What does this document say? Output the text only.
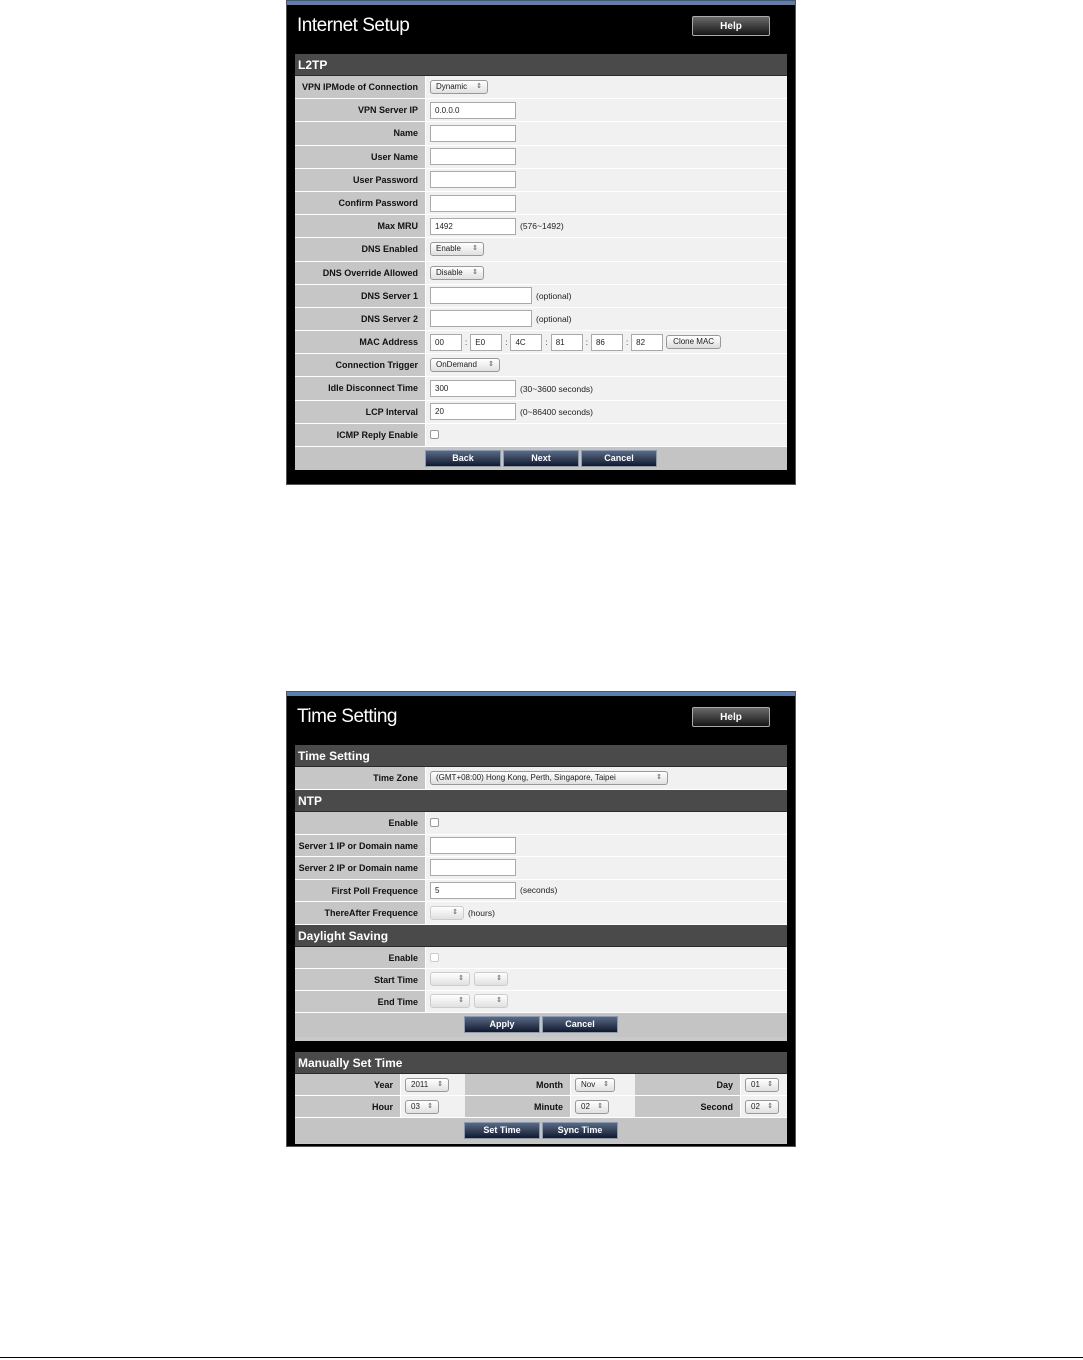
Internet Setup	Help
L2TP
VPN IPMode of Connection	Dynamic ⇕
VPN Server IP	0.0.0.0
Name
User Name
User Password
Confirm Password
Max MRU	1492	(576~1492)
DNS Enabled	Enable ⇕
DNS Override Allowed	Disable ⇕
DNS Server 1	(optional)
DNS Server 2	(optional)
MAC Address	00	:	E0	:	4C	:	81	:	86	:	82	Clone MAC
Connection Trigger	OnDemand ⇕
Idle Disconnect Time	300	(30~3600 seconds)
LCP Interval	20	(0~86400 seconds)
ICMP Reply Enable
Back	Next	Cancel
Time Setting	Help
Time Setting
Time Zone	(GMT+08:00) Hong Kong, Perth, Singapore, Taipei	⇕
NTP
Enable
Server 1 IP or Domain name
Server 2 IP or Domain name
First Poll Frequence	5	(seconds)
ThereAfter Frequence	⇕ (hours)
Daylight Saving
Enable
Start Time	⇕	⇕
End Time	⇕	⇕
Apply	Cancel
Manually Set Time
Year	2011 ⇕	Month	Nov ⇕	Day	01 ⇕
Hour	03 ⇕	Minute	02 ⇕	Second	02 ⇕
Set Time	Sync Time
